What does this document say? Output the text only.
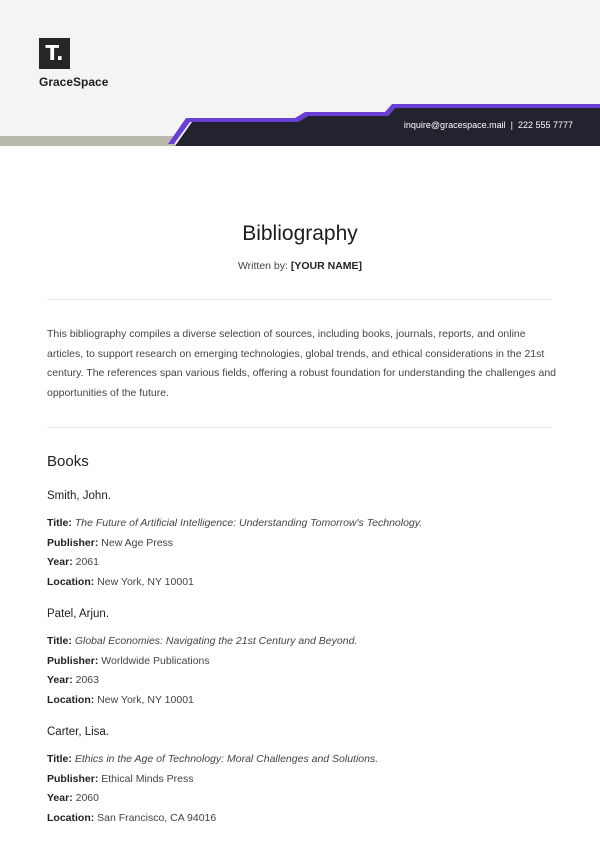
T.
GraceSpace
inquire@gracespace.mail | 222 555 7777
Bibliography
Written by: [YOUR NAME]
This bibliography compiles a diverse selection of sources, including books, journals, reports, and online articles, to support research on emerging technologies, global trends, and ethical considerations in the 21st century. The references span various fields, offering a robust foundation for understanding the challenges and opportunities of the future.
Books
Smith, John.
Title: The Future of Artificial Intelligence: Understanding Tomorrow's Technology.
Publisher: New Age Press
Year: 2061
Location: New York, NY 10001
Patel, Arjun.
Title: Global Economies: Navigating the 21st Century and Beyond.
Publisher: Worldwide Publications
Year: 2063
Location: New York, NY 10001
Carter, Lisa.
Title: Ethics in the Age of Technology: Moral Challenges and Solutions.
Publisher: Ethical Minds Press
Year: 2060
Location: San Francisco, CA 94016
